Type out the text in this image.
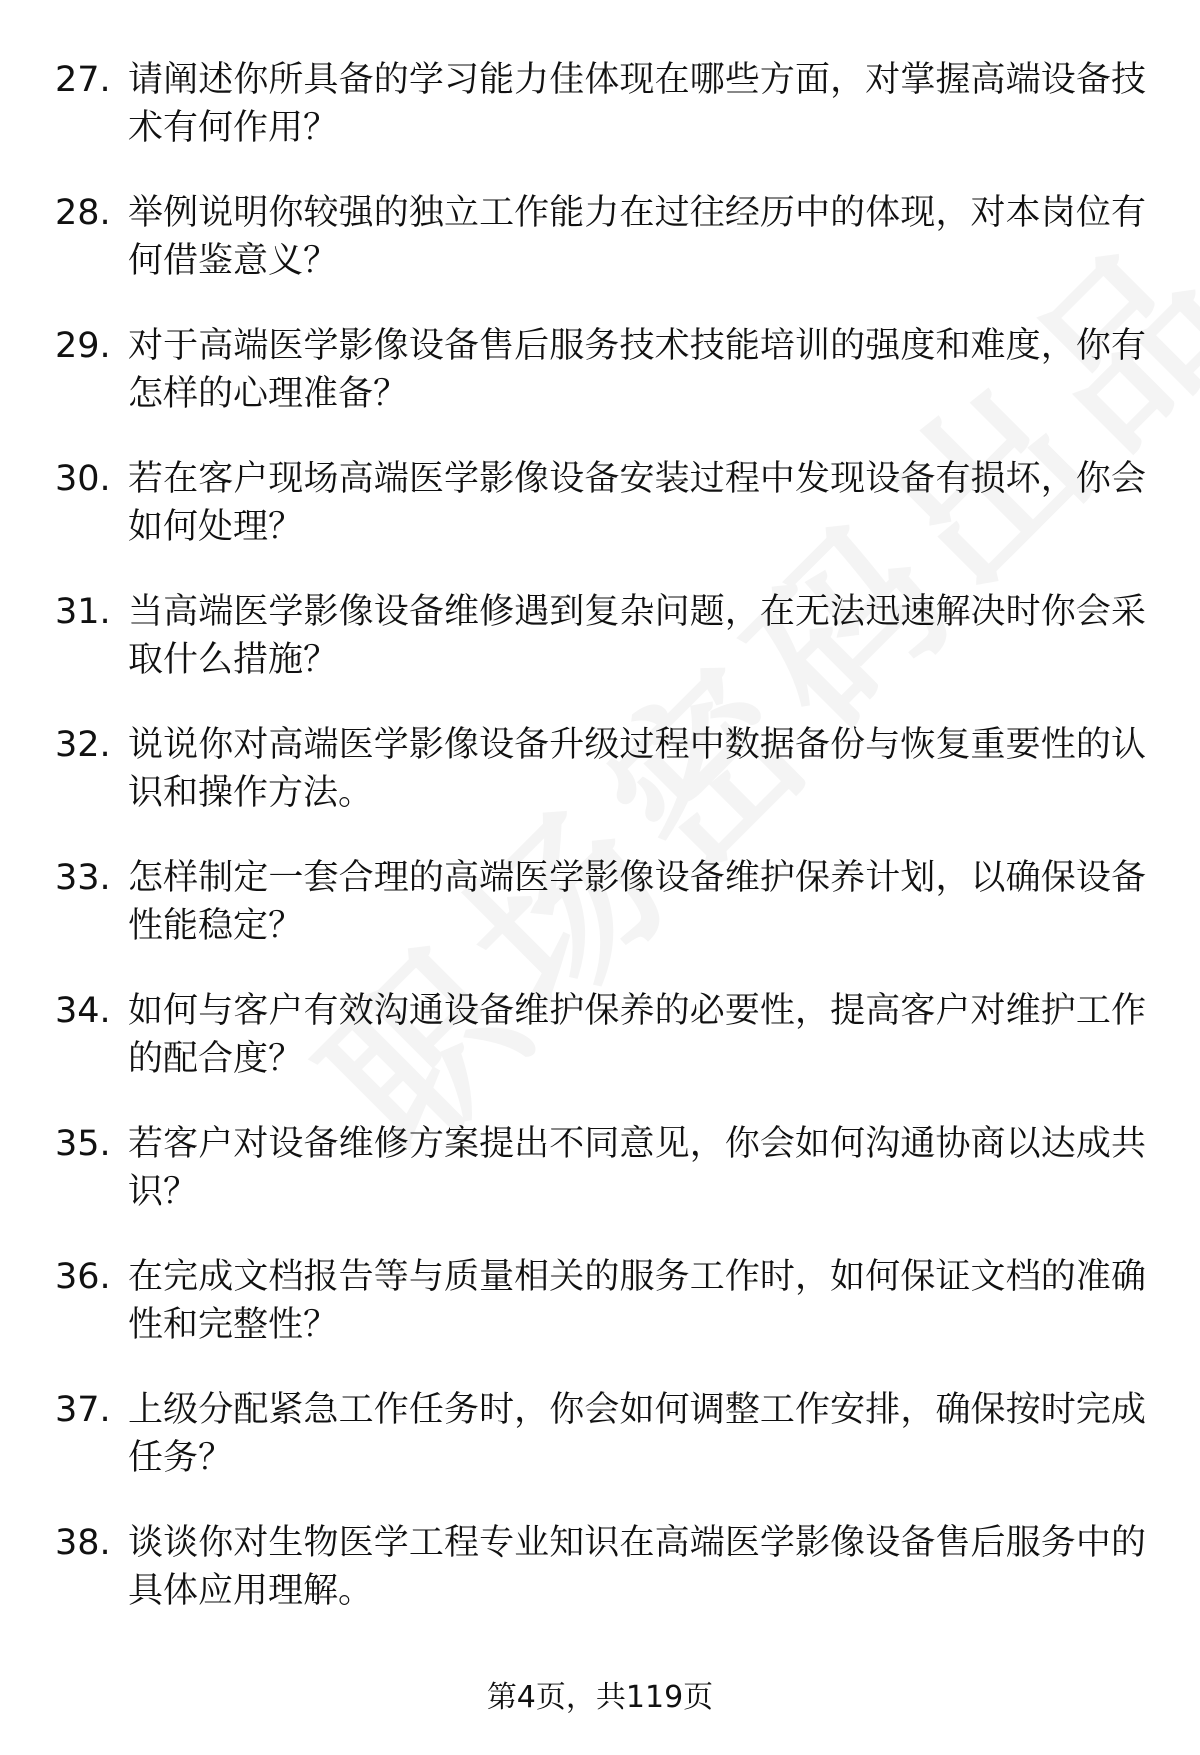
27. 请阐述你所具备的学习能力佳体现在哪些方面，对掌握高端设备技术有何作用？
28. 举例说明你较强的独立工作能力在过往经历中的体现，对本岗位有何借鉴意义？
29. 对于高端医学影像设备售后服务技术技能培训的强度和难度，你有怎样的心理准备？
30. 若在客户现场高端医学影像设备安装过程中发现设备有损坏，你会如何处理？
31. 当高端医学影像设备维修遇到复杂问题，在无法迅速解决时你会采取什么措施？
32. 说说你对高端医学影像设备升级过程中数据备份与恢复重要性的认识和操作方法。
33. 怎样制定一套合理的高端医学影像设备维护保养计划，以确保设备性能稳定？
34. 如何与客户有效沟通设备维护保养的必要性，提高客户对维护工作的配合度？
35. 若客户对设备维修方案提出不同意见，你会如何沟通协商以达成共识？
36. 在完成文档报告等与质量相关的服务工作时，如何保证文档的准确性和完整性？
37. 上级分配紧急工作任务时，你会如何调整工作安排，确保按时完成任务？
38. 谈谈你对生物医学工程专业知识在高端医学影像设备售后服务中的具体应用理解。
第4页，共119页
